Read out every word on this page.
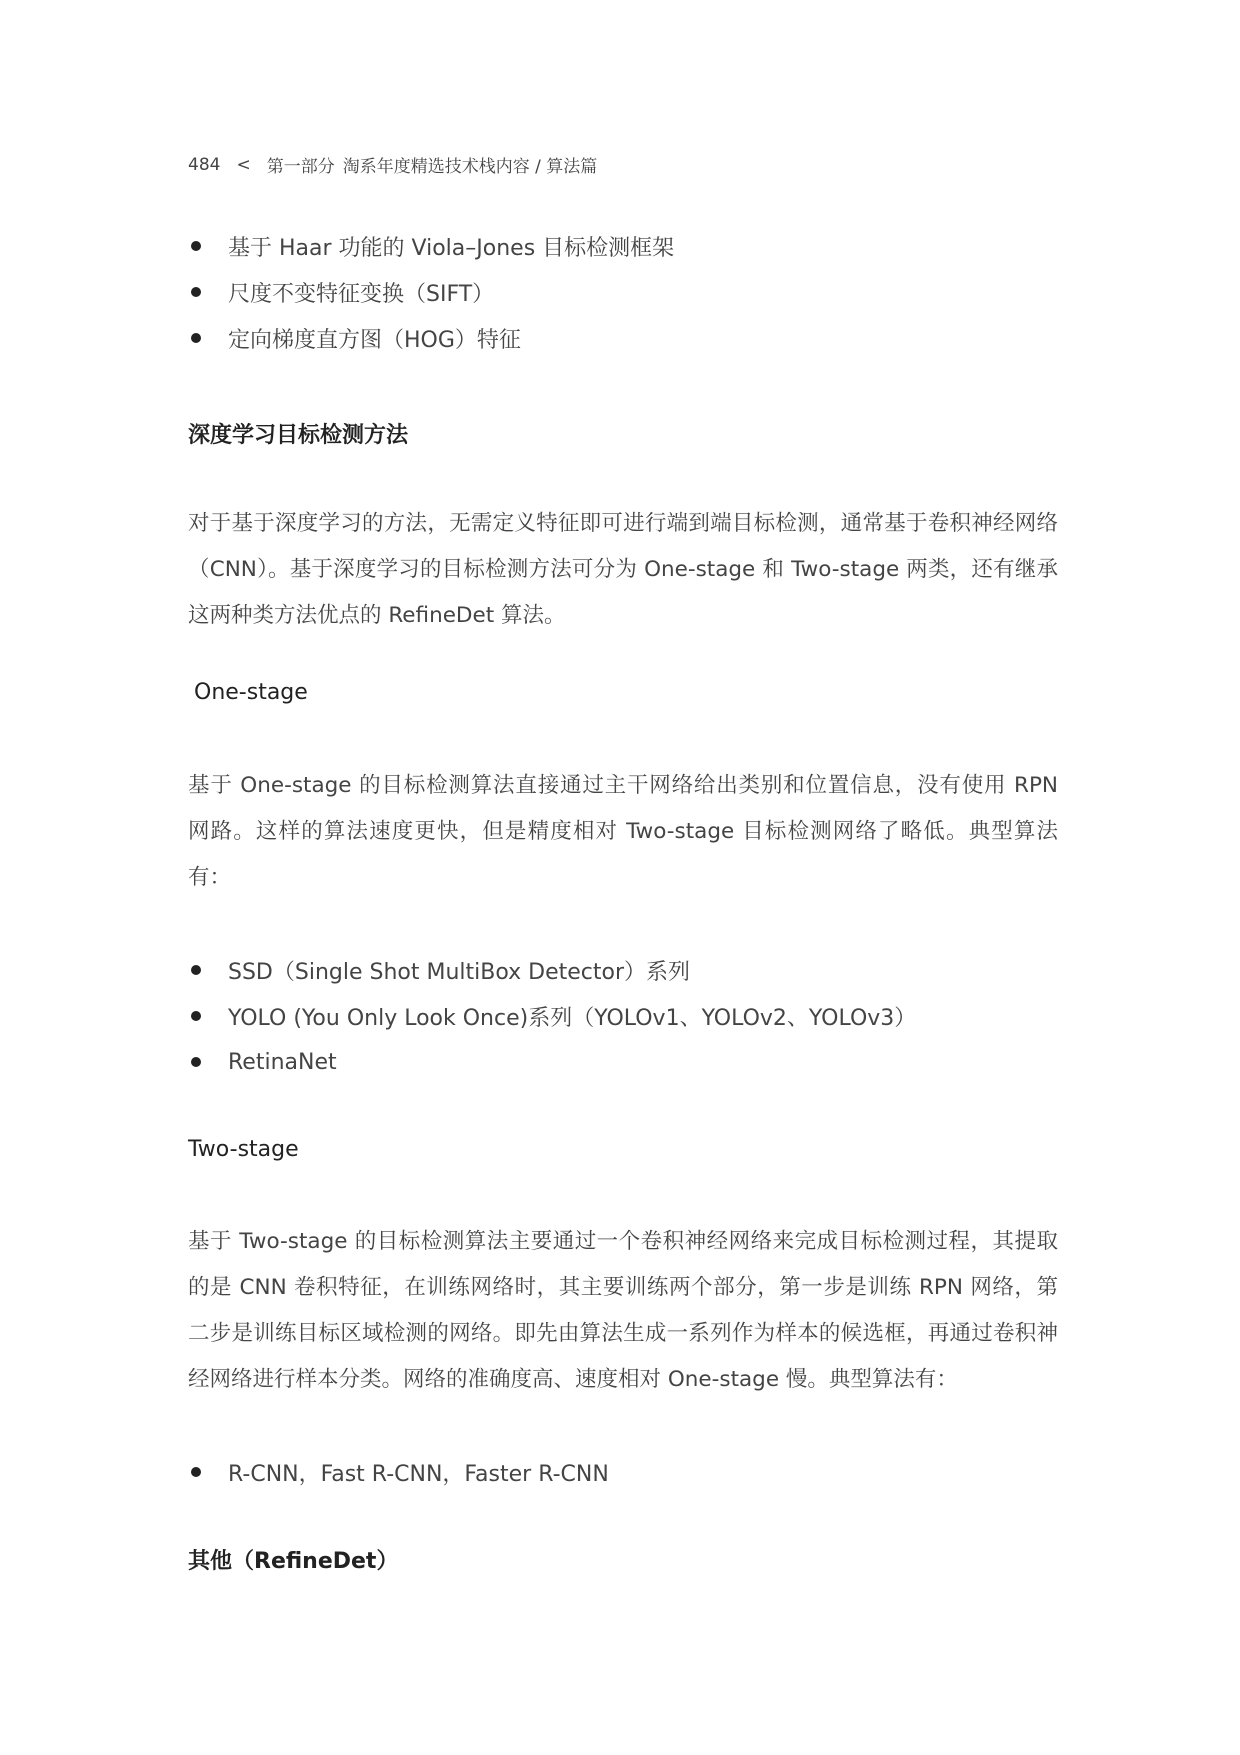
484 < 第一部分 淘系年度精选技术栈内容 / 算法篇
基于 Haar 功能的 Viola–Jones 目标检测框架
尺度不变特征变换（SIFT）
定向梯度直方图（HOG）特征
深度学习目标检测方法

对于基于深度学习的方法，无需定义特征即可进行端到端目标检测，通常基于卷积神经网络（CNN）。基于深度学习的目标检测方法可分为 One-stage 和 Two-stage 两类，还有继承这两种类方法优点的 RefineDet 算法。

One-stage

基于 One-stage 的目标检测算法直接通过主干网络给出类别和位置信息，没有使用 RPN 网路。这样的算法速度更快，但是精度相对 Two-stage 目标检测网络了略低。典型算法有：

SSD（Single Shot MultiBox Detector）系列
YOLO (You Only Look Once)系列（YOLOv1、YOLOv2、YOLOv3）
RetinaNet
Two-stage

基于 Two-stage 的目标检测算法主要通过一个卷积神经网络来完成目标检测过程，其提取的是 CNN 卷积特征，在训练网络时，其主要训练两个部分，第一步是训练 RPN 网络，第二步是训练目标区域检测的网络。即先由算法生成一系列作为样本的候选框，再通过卷积神经网络进行样本分类。网络的准确度高、速度相对 One-stage 慢。典型算法有：

R-CNN，Fast R-CNN，Faster R-CNN
其他（RefineDet）
